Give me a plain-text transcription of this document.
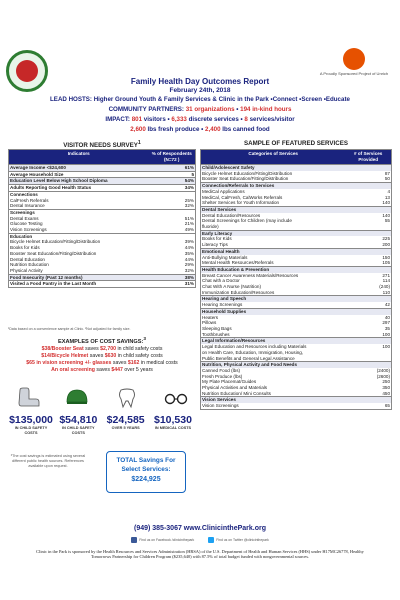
A Proudly Sponsored Project of Unrich
Family Health Day Outcomes Report
February 24th, 2018
LEAD HOSTS: Higher Ground Youth & Family Services & Clinic in the Park •Connect •Screen •Educate
COMMUNITY PARTNERS: 31 organizations • 194 in-kind hours
IMPACT: 801 visitors • 6,333 discrete services • 8 services/visitor
2,600 lbs fresh produce • 2,400 lbs canned food
VISITOR NEEDS SURVEY$^1$
Indicators	% of Respondents (N=72 )
Average Income <$24,600	61%
Average Household Size	5
Education Level Below High School Diploma	54%
Adults Reporting Good Health Status	34%
Connections	
CalFresh Referrals	25%
Dental Insurance	32%
Screenings	
Dental Exams	51%
Glucose Testing	21%
Vision Screenings	49%
Education	
Bicycle Helmet Education/Fitting/Distribution	39%
Books for Kids	44%
Booster Seat Education/Fitting/Distribution	35%
Dental Education	44%
Nutrition Education	29%
Physical Activity	32%
Food Insecurity (Past 12 months)	38%
Visited a Food Pantry in the Last Month	31%
¹Data based on a convenience sample at Clinic. ²Not adjusted for family size.
EXAMPLES OF COST SAVINGS:$^3$
$38/Booster Seat saves $2,700 in child safety costs
$14/Bicycle Helmet saves $630 in child safety costs
$65 in vision screening +/- glasses saves $162 in medical costs
An oral screening saves $447 over 5 years
$135,000
IN CHILD SAFETY COSTS
$54,810
IN CHILD SAFETY COSTS
$24,585
OVER 5 YEARS
$10,530
IN MEDICAL COSTS
³The cost savings is estimated using several different public health sources. References available upon request.
TOTAL Savings For
Select Services:
$224,925
SAMPLE OF FEATURED SERVICES
Categories of Services	# of Services Provided
Child/Adolescent Safety	
Bicycle Helmet Education/Fitting/Distribution	87
Booster Seat Education/Fitting/Distribution	50
Connection/Referrals to Services	
MediCal Applications	4
MediCal, CalFresh, CalWorks Referrals	13
Shelter Services for Youth Information	140
Dental Services	
Dental Education/Resources	140
Dental Screenings for Children (may include	55
fluoride)	
Early Literacy	
Books for Kids	225
Literacy Tips	200
Emotional Health	
Anti-Bullying Materials	150
Mental Health Resources/Referrals	105
Health Education & Prevention	
Breast Cancer Awareness Materials/Resources	271
Chat with a Doctor	114
Chat With A Nurse (Nutrition)	(240)
Immunization Education/Resources	110
Hearing and Speech	
Hearing Screenings	42
Household Supplies	
Heaters	40
Pillows	297
Sleeping Bags	35
Toothbrushes	100
Legal Information/Resources	
Legal Education and Resources including Materials	100
on Health Care, Education, Immigration, Housing,	
Public Benefits and General Legal Assistance	
Nutrition, Physical Activity and Food Needs	
Canned Food (lbs)	(2400)
Fresh Produce (lbs)	(2600)
My Plate Placemat/Guides	250
Physical Activities and Materials	350
Nutrition Education/ Mini Consults	450
Vision Services	
Vision Screenings	65
(949) 385-3067 www.ClinicinthePark.org
Find us on Facebook /clinicinthepark	Find us on Twitter @clinicinthepark
Clinic in the Park is sponsored by the Health Resources and Services Administration (HRSA) of the U.S. Department of Health and Human Services (HHS) under H17MC26778, Healthy Tomorrows Partnership for Children Program ($235,640) with 87.5% of total budget funded with nongovernmental sources.
